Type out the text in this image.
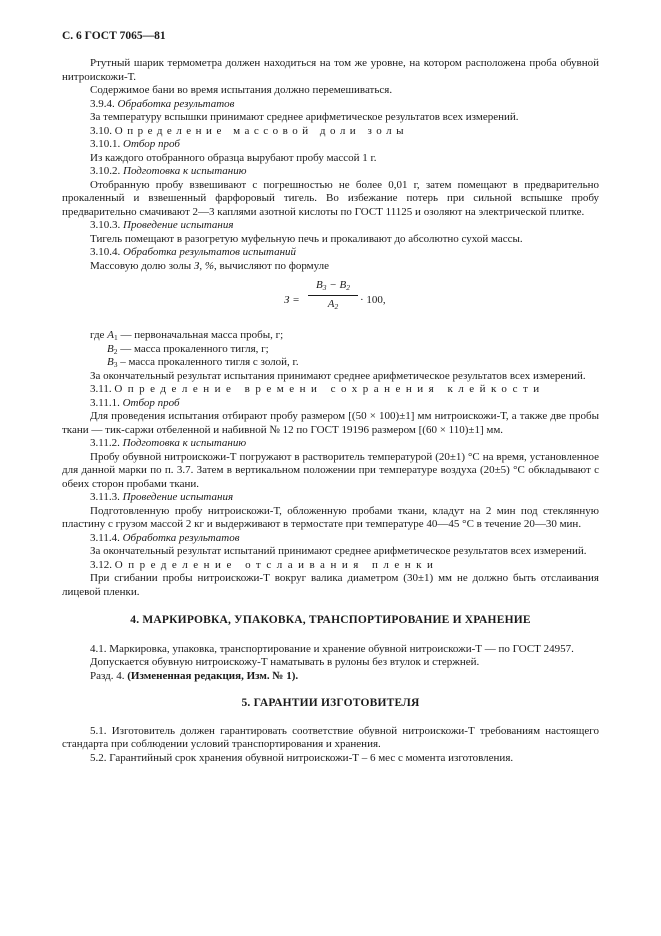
С. 6 ГОСТ 7065—81

Ртутный шарик термометра должен находиться на том же уровне, на котором расположена проба обувной нитроискожи-Т.

Содержимое бани во время испытания должно перемешиваться.

3.9.4. Обработка результатов

За температуру вспышки принимают среднее арифметическое результатов всех измерений.

3.10. Определение массовой доли золы

3.10.1. Отбор проб

Из каждого отобранного образца вырубают пробу массой 1 г.

3.10.2. Подготовка к испытанию

Отобранную пробу взвешивают с погрешностью не более 0,01 г, затем помещают в предварительно прокаленный и взвешенный фарфоровый тигель. Во избежание потерь при сильной вспышке пробу предварительно смачивают 2—3 каплями азотной кислоты по ГОСТ 11125 и озоляют на электрической плитке.

3.10.3. Проведение испытания

Тигель помещают в разогретую муфельную печь и прокаливают до абсолютно сухой массы.

3.10.4. Обработка результатов испытаний

Массовую долю золы З, %, вычисляют по формуле

$З = \frac{B_3 - B_2}{A_2} \cdot 100$,
где $A_1$ — первоначальная масса пробы, г;
$B_2$ — масса прокаленного тигля, г;
$B_3$ – масса прокаленного тигля с золой, г.

За окончательный результат испытания принимают среднее арифметическое результатов всех измерений.

3.11. Определение времени сохранения клейкости

3.11.1. Отбор проб

Для проведения испытания отбирают пробу размером [(50 × 100)±1] мм нитроискожи-Т, а также две пробы ткани — тик-саржи отбеленной и набивной № 12 по ГОСТ 19196 размером [(60 × 110)±1] мм.

3.11.2. Подготовка к испытанию

Пробу обувной нитроискожи-Т погружают в растворитель температурой (20±1) °С на время, установленное для данной марки по п. 3.7. Затем в вертикальном положении при температуре воздуха (20±5) °С обкладывают с обеих сторон пробами ткани.

3.11.3. Проведение испытания

Подготовленную пробу нитроискожи-Т, обложенную пробами ткани, кладут на 2 мин под стеклянную пластину с грузом массой 2 кг и выдерживают в термостате при температуре 40—45 °С в течение 20—30 мин.

3.11.4. Обработка результатов

За окончательный результат испытаний принимают среднее арифметическое результатов всех измерений.

3.12. Определение отслаивания пленки

При сгибании пробы нитроискожи-Т вокруг валика диаметром (30±1) мм не должно быть отслаивания лицевой пленки.

4. МАРКИРОВКА, УПАКОВКА, ТРАНСПОРТИРОВАНИЕ И ХРАНЕНИЕ

4.1. Маркировка, упаковка, транспортирование и хранение обувной нитроискожи-Т — по ГОСТ 24957.

Допускается обувную нитроискожу-Т наматывать в рулоны без втулок и стержней.

Разд. 4. (Измененная редакция, Изм. № 1).

5. ГАРАНТИИ ИЗГОТОВИТЕЛЯ

5.1. Изготовитель должен гарантировать соответствие обувной нитроискожи-Т требованиям настоящего стандарта при соблюдении условий транспортирования и хранения.

5.2. Гарантийный срок хранения обувной нитроискожи-Т – 6 мес с момента изготовления.
